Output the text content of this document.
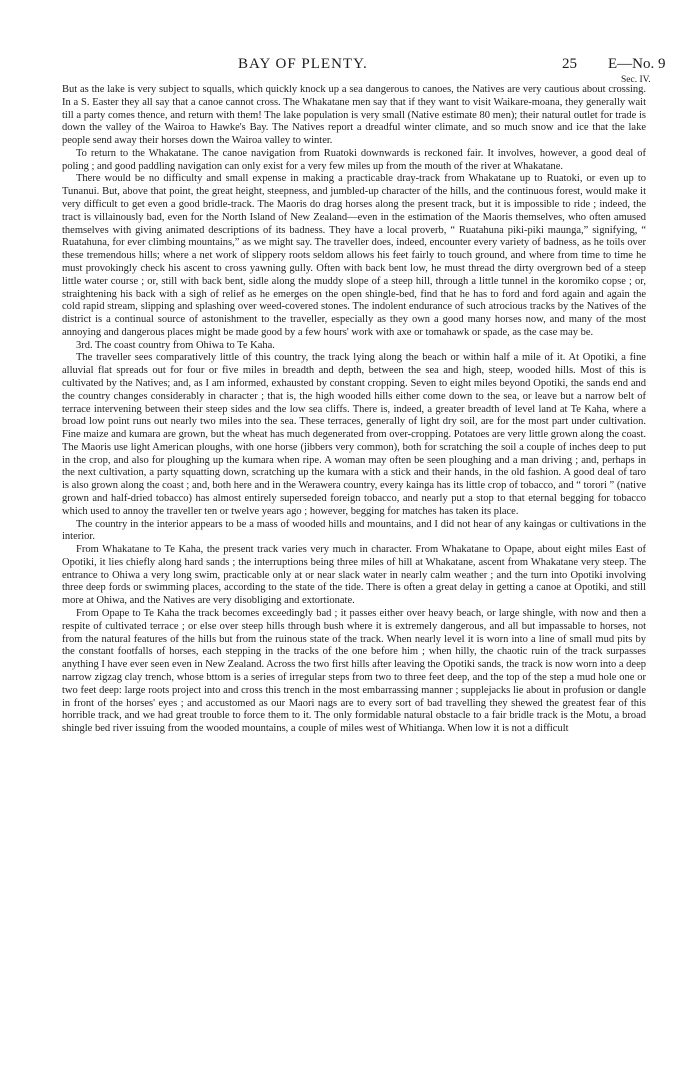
BAY OF PLENTY.	25 E—No. 9
Sec. IV.

But as the lake is very subject to squalls, which quickly knock up a sea dangerous to canoes, the Natives are very cautious about crossing. In a S. Easter they all say that a canoe cannot cross. The Whakatane men say that if they want to visit Waikare-moana, they generally wait till a party comes thence, and return with them! The lake population is very small (Native estimate 80 men); their natural outlet for trade is down the valley of the Wairoa to Hawke's Bay. The Natives report a dreadful winter climate, and so much snow and ice that the lake people send away their horses down the Wairoa valley to winter.

To return to the Whakatane. The canoe navigation from Ruatoki downwards is reckoned fair. It involves, however, a good deal of poling ; and good paddling navigation can only exist for a very few miles up from the mouth of the river at Whakatane.

There would be no difficulty and small expense in making a practicable dray-track from Whakatane up to Ruatoki, or even up to Tunanui. But, above that point, the great height, steepness, and jumbled-up character of the hills, and the continuous forest, would make it very difficult to get even a good bridle-track. The Maoris do drag horses along the present track, but it is impossible to ride ; indeed, the tract is villainously bad, even for the North Island of New Zealand—even in the estimation of the Maoris themselves, who often amused themselves with giving animated descriptions of its badness. They have a local proverb, “ Ruatahuna piki-piki maunga,” signifying, “ Ruatahuna, for ever climbing mountains,” as we might say. The traveller does, indeed, encounter every variety of badness, as he toils over these tremendous hills; where a net work of slippery roots seldom allows his feet fairly to touch ground, and where from time to time he must provokingly check his ascent to cross yawning gully. Often with back bent low, he must thread the dirty overgrown bed of a steep little water course ; or, still with back bent, sidle along the muddy slope of a steep hill, through a little tunnel in the koromiko copse ; or, straightening his back with a sigh of relief as he emerges on the open shingle-bed, find that he has to ford and ford again and again the cold rapid stream, slipping and splashing over weed-covered stones. The indolent endurance of such atrocious tracks by the Natives of the district is a continual source of astonishment to the traveller, especially as they own a good many horses now, and many of the most annoying and dangerous places might be made good by a few hours' work with axe or tomahawk or spade, as the case may be.

3rd. The coast country from Ohiwa to Te Kaha.

The traveller sees comparatively little of this country, the track lying along the beach or within half a mile of it. At Opotiki, a fine alluvial flat spreads out for four or five miles in breadth and depth, between the sea and high, steep, wooded hills. Most of this is cultivated by the Natives; and, as I am informed, exhausted by constant cropping. Seven to eight miles beyond Opotiki, the sands end and the country changes considerably in character ; that is, the high wooded hills either come down to the sea, or leave but a narrow belt of terrace intervening between their steep sides and the low sea cliffs. There is, indeed, a greater breadth of level land at Te Kaha, where a broad low point runs out nearly two miles into the sea. These terraces, generally of light dry soil, are for the most part under cultivation. Fine maize and kumara are grown, but the wheat has much degenerated from over-cropping. Potatoes are very little grown along the coast. The Maoris use light American ploughs, with one horse (jibbers very common), both for scratching the soil a couple of inches deep to put in the crop, and also for ploughing up the kumara when ripe. A woman may often be seen ploughing and a man driving ; and, perhaps in the next cultivation, a party squatting down, scratching up the kumara with a stick and their hands, in the old fashion. A good deal of taro is also grown along the coast ; and, both here and in the Werawera country, every kainga has its little crop of tobacco, and “ torori ” (native grown and half-dried tobacco) has almost entirely superseded foreign tobacco, and nearly put a stop to that eternal begging for tobacco which used to annoy the traveller ten or twelve years ago ; however, begging for matches has taken its place.

The country in the interior appears to be a mass of wooded hills and mountains, and I did not hear of any kaingas or cultivations in the interior.

From Whakatane to Te Kaha, the present track varies very much in character. From Whakatane to Opape, about eight miles East of Opotiki, it lies chiefly along hard sands ; the interruptions being three miles of hill at Whakatane, ascent from Whakatane very steep. The entrance to Ohiwa a very long swim, practicable only at or near slack water in nearly calm weather ; and the turn into Opotiki involving three deep fords or swimming places, according to the state of the tide. There is often a great delay in getting a canoe at Opotiki, and still more at Ohiwa, and the Natives are very disobliging and extortionate.

From Opape to Te Kaha the track becomes exceedingly bad ; it passes either over heavy beach, or large shingle, with now and then a respite of cultivated terrace ; or else over steep hills through bush where it is extremely dangerous, and all but impassable to horses, not from the natural features of the hills but from the ruinous state of the track. When nearly level it is worn into a line of small mud pits by the constant footfalls of horses, each stepping in the tracks of the one before him ; when hilly, the chaotic ruin of the track surpasses anything I have ever seen even in New Zealand. Across the two first hills after leaving the Opotiki sands, the track is now worn into a deep narrow zigzag clay trench, whose bttom is a series of irregular steps from two to three feet deep, and the top of the step a mud hole one or two feet deep: large roots project into and cross this trench in the most embarrassing manner ; supplejacks lie about in profusion or dangle in front of the horses' eyes ; and accustomed as our Maori nags are to every sort of bad travelling they shewed the greatest fear of this horrible track, and we had great trouble to force them to it. The only formidable natural obstacle to a fair bridle track is the Motu, a broad shingle bed river issuing from the wooded mountains, a couple of miles west of Whitianga. When low it is not a difficult
